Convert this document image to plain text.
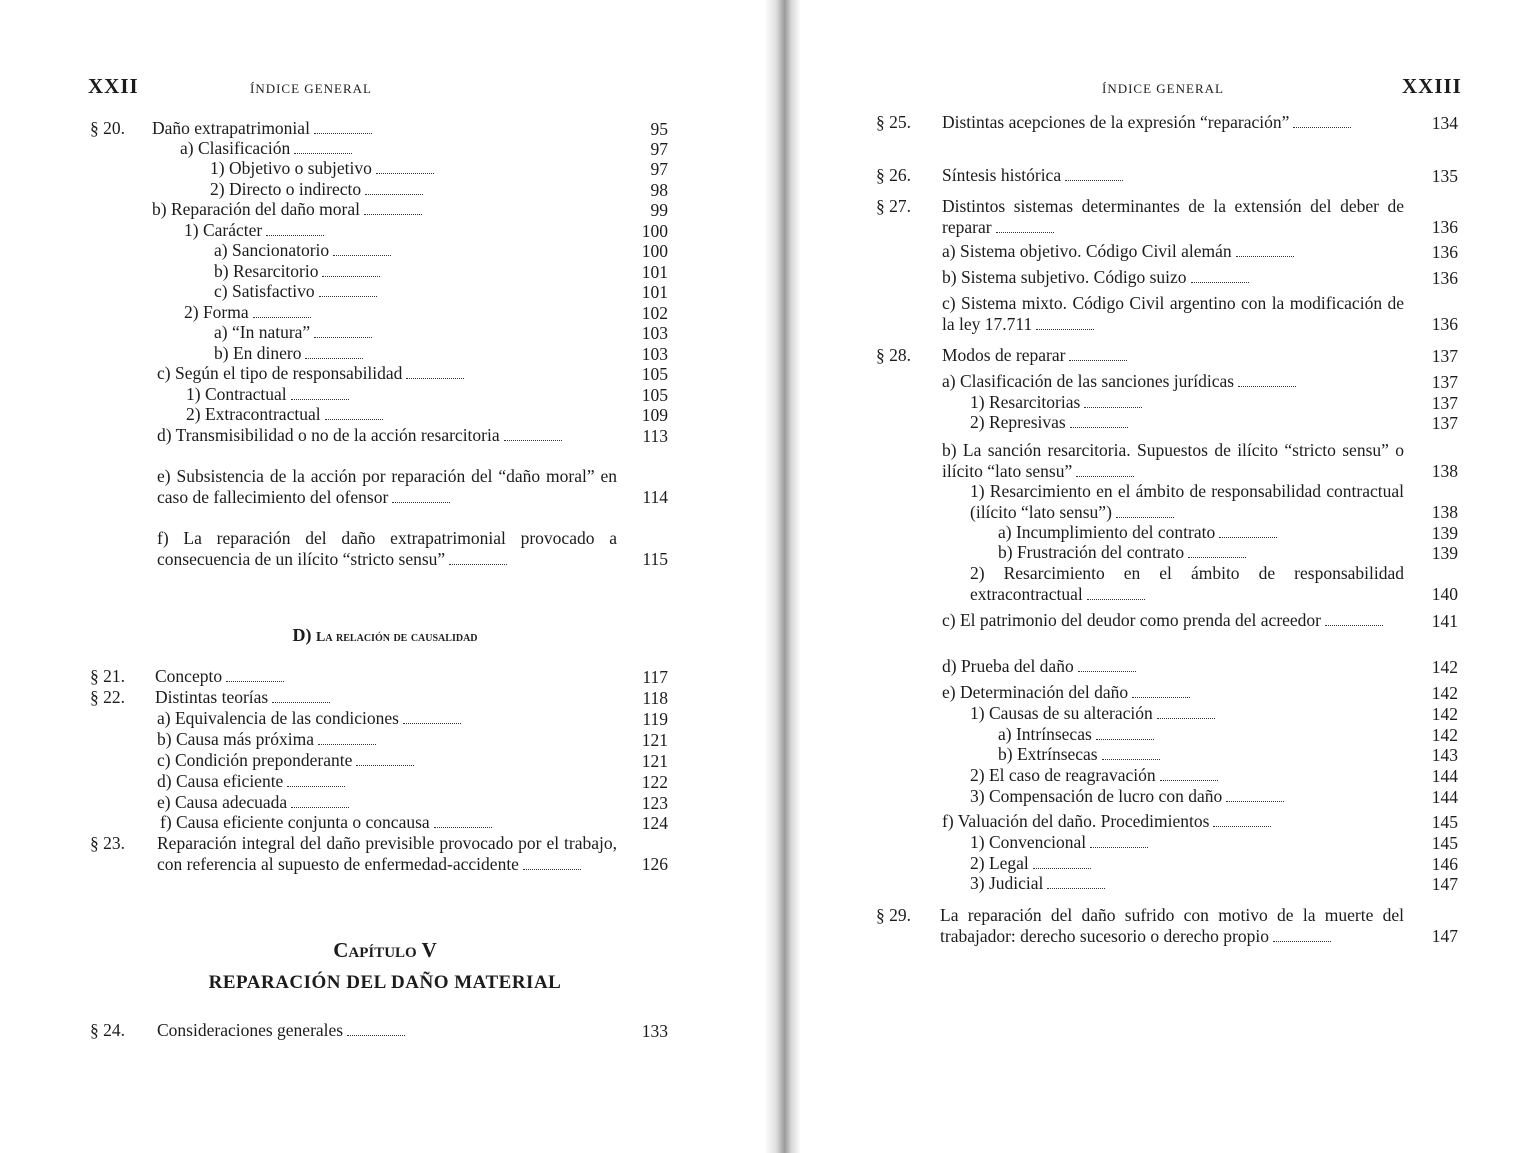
XXII	ÍNDICE GENERAL
§ 20. Daño extrapatrimonial	95
a) Clasificación	97
1) Objetivo o subjetivo	97
2) Directo o indirecto	98
b) Reparación del daño moral	99
1) Carácter	100
a) Sancionatorio	100
b) Resarcitorio	101
c) Satisfactivo	101
2) Forma	102
a) “In natura”	103
b) En dinero	103
c) Según el tipo de responsabilidad	105
1) Contractual	105
2) Extracontractual	109
d) Transmisibilidad o no de la acción resarcitoria	113
e) Subsistencia de la acción por reparación del “daño moral” en caso de fallecimiento del ofensor	114
f) La reparación del daño extrapatrimonial provocado a consecuencia de un ilícito “stricto sensu”	115
§ 21. Concepto	117
§ 22. Distintas teorías	118
a) Equivalencia de las condiciones	119
b) Causa más próxima	121
c) Condición preponderante	121
d) Causa eficiente	122
e) Causa adecuada	123
f) Causa eficiente conjunta o concausa	124
§ 23. Reparación integral del daño previsible provocado por el trabajo, con referencia al supuesto de enfermedad-accidente	126
§ 24. Consideraciones generales	133
D) La relación de causalidad
Capítulo V
REPARACIÓN DEL DAÑO MATERIAL
ÍNDICE GENERAL	XXIII
§ 25. Distintas acepciones de la expresión “reparación”	134
§ 26. Síntesis histórica	135
§ 27. Distintos sistemas determinantes de la extensión del deber de reparar	136
a) Sistema objetivo. Código Civil alemán	136
b) Sistema subjetivo. Código suizo	136
c) Sistema mixto. Código Civil argentino con la modificación de la ley 17.711	136
§ 28. Modos de reparar	137
a) Clasificación de las sanciones jurídicas	137
1) Resarcitorias	137
2) Represivas	137
b) La sanción resarcitoria. Supuestos de ilícito “stricto sensu” o ilícito “lato sensu”	138
1) Resarcimiento en el ámbito de responsabilidad contractual (ilícito “lato sensu”)	138
a) Incumplimiento del contrato	139
b) Frustración del contrato	139
2) Resarcimiento en el ámbito de responsabilidad extracontractual	140
c) El patrimonio del deudor como prenda del acreedor	141
d) Prueba del daño	142
e) Determinación del daño	142
1) Causas de su alteración	142
a) Intrínsecas	142
b) Extrínsecas	143
2) El caso de reagravación	144
3) Compensación de lucro con daño	144
f) Valuación del daño. Procedimientos	145
1) Convencional	145
2) Legal	146
3) Judicial	147
§ 29. La reparación del daño sufrido con motivo de la muerte del trabajador: derecho sucesorio o derecho propio	147
